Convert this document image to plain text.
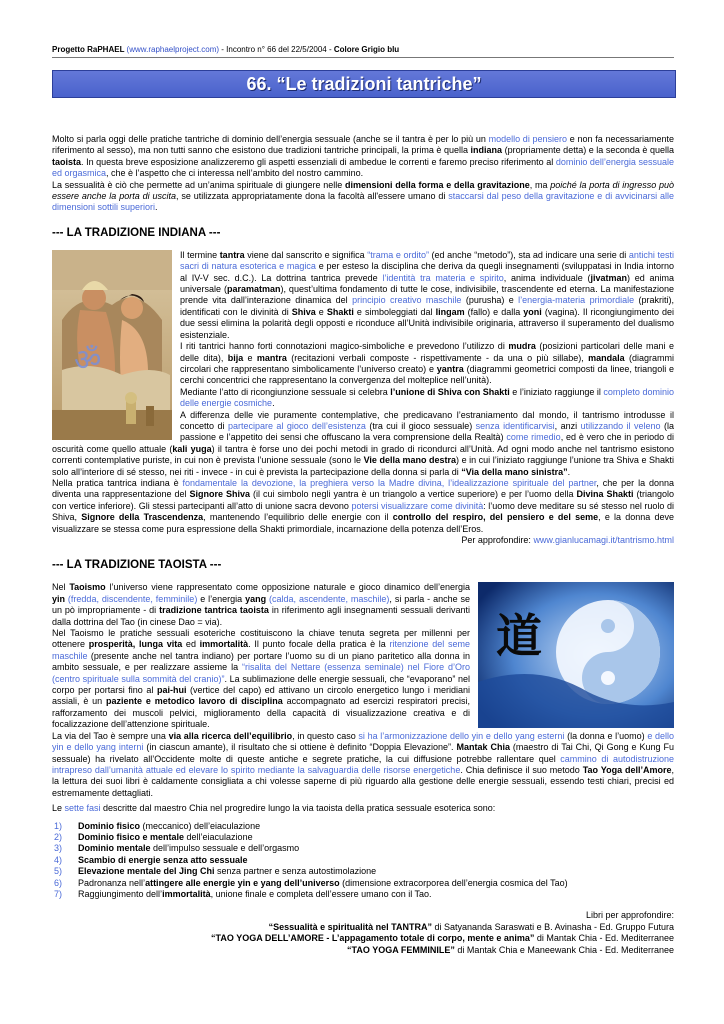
Progetto RaPHAEL (www.raphaelproject.com) - Incontro n° 66 del 22/5/2004 - Colore Grigio blu
66. “Le tradizioni tantriche”

Molto si parla oggi delle pratiche tantriche di dominio dell’energia sessuale (anche se il tantra è per lo più un modello di pensiero e non fa necessariamente riferimento al sesso), ma non tutti sanno che esistono due tradizioni tantriche principali, la prima è quella indiana (propriamente detta) e la seconda è quella taoista. In questa breve esposizione analizzeremo gli aspetti essenziali di ambedue le correnti e faremo preciso riferimento al dominio dell’energia sessuale ed orgasmica, che è l’aspetto che ci interessa nell’ambito del nostro cammino.

La sessualità è ciò che permette ad un’anima spirituale di giungere nelle dimensioni della forma e della gravitazione, ma poiché la porta di ingresso può essere anche la porta di uscita, se utilizzata appropriatamente dona la facoltà all'essere umano di staccarsi dal peso della gravitazione e di avvicinarsi alle dimensioni sottili superiori.

--- LA TRADIZIONE INDIANA ---
ॐ

Il termine tantra viene dal sanscrito e significa “trama e ordito” (ed anche “metodo”), sta ad indicare una serie di antichi testi sacri di natura esoterica e magica e per esteso la disciplina che deriva da quegli insegnamenti (sviluppatasi in India intorno al IV-V sec. d.C.). La dottrina tantrica prevede l’identità tra materia e spirito, anima individuale (jivatman) ed anima universale (paramatman), quest’ultima fondamento di tutte le cose, indivisibile, trascendente ed eterna. La manifestazione prende vita dall’interazione dinamica del principio creativo maschile (purusha) e l’energia-materia primordiale (prakriti), identificati con le divinità di Shiva e Shakti e simboleggiati dal lingam (fallo) e dalla yoni (vagina). Il ricongiungimento dei due sessi elimina la polarità degli opposti e riconduce all’Unità indivisibile originaria, attraverso il superamento del dualismo esistenziale.

I riti tantrici hanno forti connotazioni magico-simboliche e prevedono l’utilizzo di mudra (posizioni particolari delle mani e delle dita), bija e mantra (recitazioni verbali composte - rispettivamente - da una o più sillabe), mandala (diagrammi circolari che rappresentano simbolicamente l’universo creato) e yantra (diagrammi geometrici composti da linee, triangoli e cerchi concentrici che rappresentano la convergenza del molteplice nell’unità).

Mediante l’atto di ricongiunzione sessuale si celebra l’unione di Shiva con Shakti e l’iniziato raggiunge il completo dominio delle energie cosmiche.

A differenza delle vie puramente contemplative, che predicavano l’estraniamento dal mondo, il tantrismo introdusse il concetto di partecipare al gioco dell’esistenza (tra cui il gioco sessuale) senza identificarvisi, anzi utilizzando il veleno (la passione e l’appetito dei sensi che offuscano la vera comprensione della Realtà) come rimedio, ed è vero che in periodo di oscurità come quello attuale (kali yuga) il tantra è forse uno dei pochi metodi in grado di ricondurci all’Unità. Ad ogni modo anche nel tantrismo esistono correnti contemplative puriste, in cui non è prevista l’unione sessuale (sono le Vie della mano destra) e in cui l’iniziato raggiunge l’unione tra Shiva e Shakti solo all’interiore di sé stesso, nei riti - invece - in cui è prevista la partecipazione della donna si parla di “Via della mano sinistra”.

Nella pratica tantrica indiana è fondamentale la devozione, la preghiera verso la Madre divina, l’idealizzazione spirituale del partner, che per la donna diventa una rappresentazione del Signore Shiva (il cui simbolo negli yantra è un triangolo a vertice superiore) e per l’uomo della Divina Shakti (triangolo con vertice inferiore). Gli stessi partecipanti all’atto di unione sacra devono potersi visualizzare come divinità: l’uomo deve meditare su sé stesso nel ruolo di Shiva, Signore della Trascendenza, mantenendo l’equilibrio delle energie con il controllo del respiro, del pensiero e del seme, e la donna deve visualizzare se stessa come pura espressione della Shakti primordiale, incarnazione della potenza dell’Eros.

Per approfondire: www.gianlucamagi.it/tantrismo.html

--- LA TRADIZIONE TAOISTA ---
道

Nel Taoismo l’universo viene rappresentato come opposizione naturale e gioco dinamico dell’energia yin (fredda, discendente, femminile) e l’energia yang (calda, ascendente, maschile), si parla - anche se un pò impropriamente - di tradizione tantrica taoista in riferimento agli insegnamenti sessuali derivanti dalla dottrina del Tao (in cinese Dao = via).

Nel Taoismo le pratiche sessuali esoteriche costituiscono la chiave tenuta segreta per millenni per ottenere prosperità, lunga vita ed immortalità. Il punto focale della pratica è la ritenzione del seme maschile (presente anche nel tantra indiano) per portare l’uomo su di un piano paritetico alla donna in ambito sessuale, e per realizzare assieme la “risalita del Nettare (essenza seminale) nel Fiore d’Oro (centro spirituale sulla sommità del cranio)”. La sublimazione delle energie sessuali, che “evaporano” nel corpo per portarsi fino al pai-hui (vertice del capo) ed attivano un circolo energetico lungo i meridiani assiali, è un paziente e metodico lavoro di disciplina accompagnato ad esercizi respiratori precisi, rafforzamento dei muscoli pelvici, miglioramento della capacità di visualizzazione creativa e di focalizzazione dell’attenzione spirituale.

La via del Tao è sempre una via alla ricerca dell’equilibrio, in questo caso si ha l’armonizzazione dello yin e dello yang esterni (la donna e l’uomo) e dello yin e dello yang interni (in ciascun amante), il risultato che si ottiene è definito “Doppia Elevazione”. Mantak Chia (maestro di Tai Chi, Qi Gong e Kung Fu sessuale) ha rivelato all’Occidente molte di queste antiche e segrete pratiche, la cui diffusione potrebbe rallentare quel cammino di autodistruzione intrapreso dall’umanità attuale ed elevare lo spirito mediante la salvaguardia delle risorse energetiche. Chia definisce il suo metodo Tao Yoga dell’Amore, la lettura dei suoi libri è caldamente consigliata a chi volesse saperne di più riguardo alla gestione delle energie sessuali, essendo testi chiari, precisi ed estremamente dettagliati.

Le sette fasi descritte dal maestro Chia nel progredire lungo la via taoista della pratica sessuale esoterica sono:

1) Dominio fisico (meccanico) dell’eiaculazione
2) Dominio fisico e mentale dell’eiaculazione
3) Dominio mentale dell’impulso sessuale e dell’orgasmo
4) Scambio di energie senza atto sessuale
5) Elevazione mentale del Jing Chi senza partner e senza autostimolazione
6) Padronanza nell’attingere alle energie yin e yang dell’universo (dimensione extracorporea dell’energia cosmica del Tao)
7) Raggiungimento dell’immortalità, unione finale e completa dell’essere umano con il Tao.
Libri per approfondire:
“Sessualità e spiritualità nel TANTRA” di Satyananda Saraswati e B. Avinasha - Ed. Gruppo Futura
“TAO YOGA DELL’AMORE - L’appagamento totale di corpo, mente e anima” di Mantak Chia - Ed. Mediterranee
“TAO YOGA FEMMINILE” di Mantak Chia e Maneewank Chia - Ed. Mediterranee
